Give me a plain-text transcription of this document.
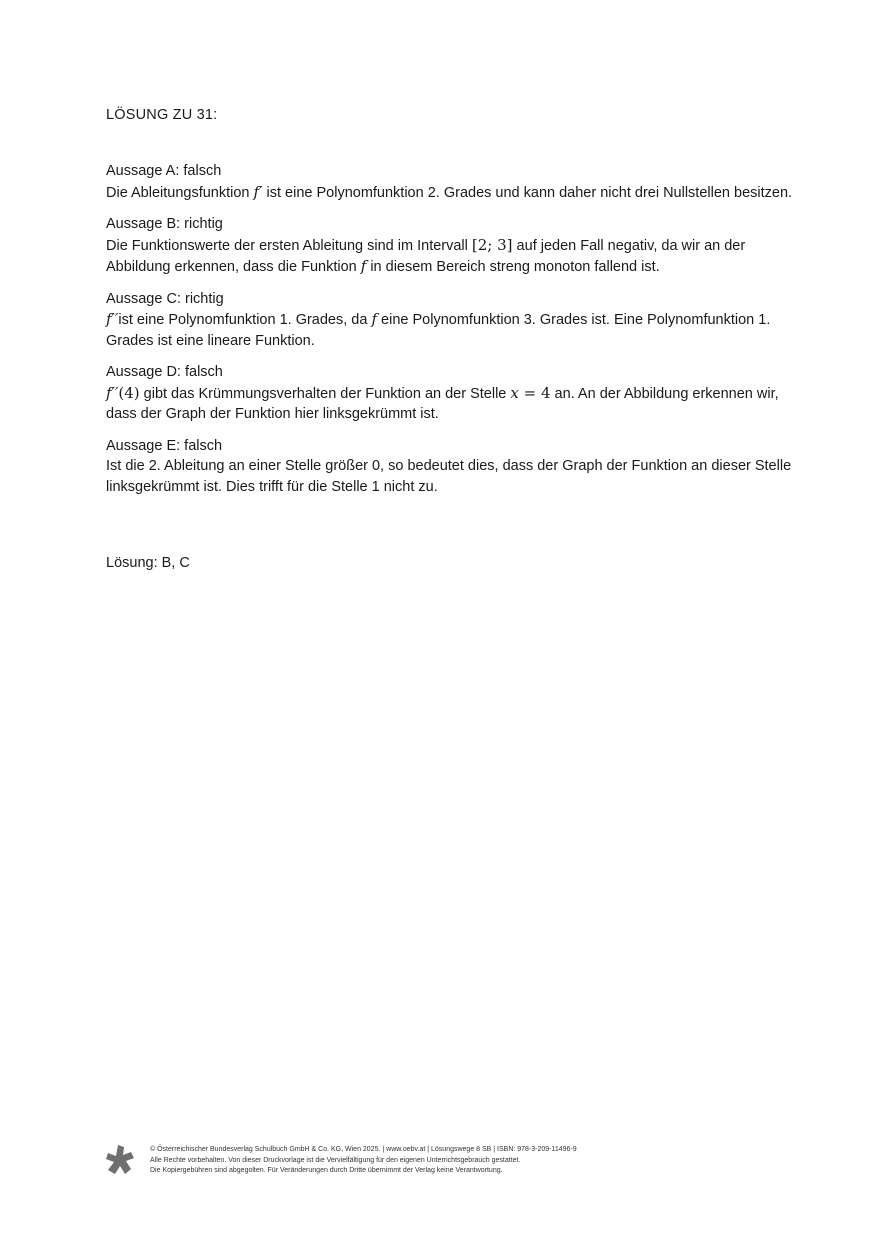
LÖSUNG ZU 31:

Aussage A: falsch

Die Ableitungsfunktion f′ ist eine Polynomfunktion 2. Grades und kann daher nicht drei Nullstellen besitzen.

Aussage B: richtig

Die Funktionswerte der ersten Ableitung sind im Intervall [2; 3] auf jeden Fall negativ, da wir an der Abbildung erkennen, dass die Funktion f in diesem Bereich streng monoton fallend ist.

Aussage C: richtig

f′′ist eine Polynomfunktion 1. Grades, da f eine Polynomfunktion 3. Grades ist. Eine Polynomfunktion 1. Grades ist eine lineare Funktion.

Aussage D: falsch

f′′(4) gibt das Krümmungsverhalten der Funktion an der Stelle x = 4 an. An der Abbildung erkennen wir, dass der Graph der Funktion hier linksgekrümmt ist.

Aussage E: falsch

Ist die 2. Ableitung an einer Stelle größer 0, so bedeutet dies, dass der Graph der Funktion an dieser Stelle linksgekrümmt ist. Dies trifft für die Stelle 1 nicht zu.

Lösung: B, C
© Österreichischer Bundesverlag Schulbuch GmbH & Co. KG, Wien 2025. | www.oebv.at | Lösungswege 8 SB | ISBN: 978-3-209-11496-9
Alle Rechte vorbehalten. Von dieser Druckvorlage ist die Vervielfältigung für den eigenen Unterrichtsgebrauch gestattet.
Die Kopiergebühren sind abgegolten. Für Veränderungen durch Dritte übernimmt der Verlag keine Verantwortung.
